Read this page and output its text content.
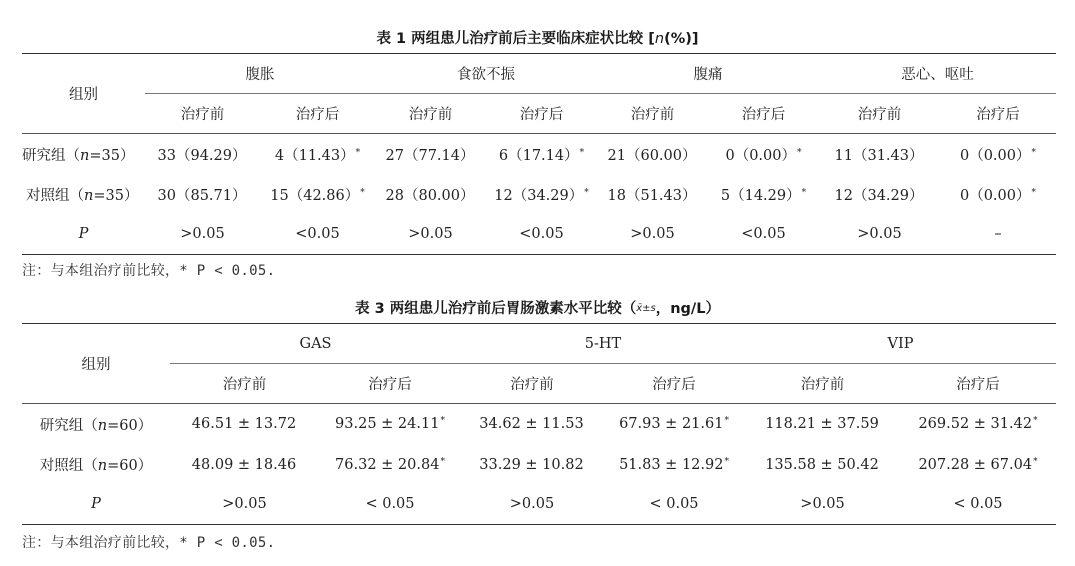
表 1 两组患儿治疗前后主要临床症状比较 [n(%)]
组别	腹胀		食欲不振		腹痛		恶心、呕吐	
	治疗前	治疗后	治疗前	治疗后	治疗前	治疗后	治疗前	治疗后
研究组（n=35）	33（94.29）	4（11.43）*	27（77.14）	6（17.14）*	21（60.00）	0（0.00）*	11（31.43）	0（0.00）*
对照组（n=35）	30（85.71）	15（42.86）*	28（80.00）	12（34.29）*	18（51.43）	5（14.29）*	12（34.29）	0（0.00）*
P	>0.05	<0.05	>0.05	<0.05	>0.05	<0.05	>0.05	–
注：与本组治疗前比较，* P < 0.05.
表 3 两组患儿治疗前后胃肠激素水平比较（x̄±s，ng/L）
组别	GAS		5-HT		VIP	
	治疗前	治疗后	治疗前	治疗后	治疗前	治疗后
研究组（n=60）	46.51 ± 13.72	93.25 ± 24.11*	34.62 ± 11.53	67.93 ± 21.61*	118.21 ± 37.59	269.52 ± 31.42*
对照组（n=60）	48.09 ± 18.46	76.32 ± 20.84*	33.29 ± 10.82	51.83 ± 12.92*	135.58 ± 50.42	207.28 ± 67.04*
P	>0.05	< 0.05	>0.05	< 0.05	>0.05	< 0.05
注：与本组治疗前比较，* P < 0.05.
